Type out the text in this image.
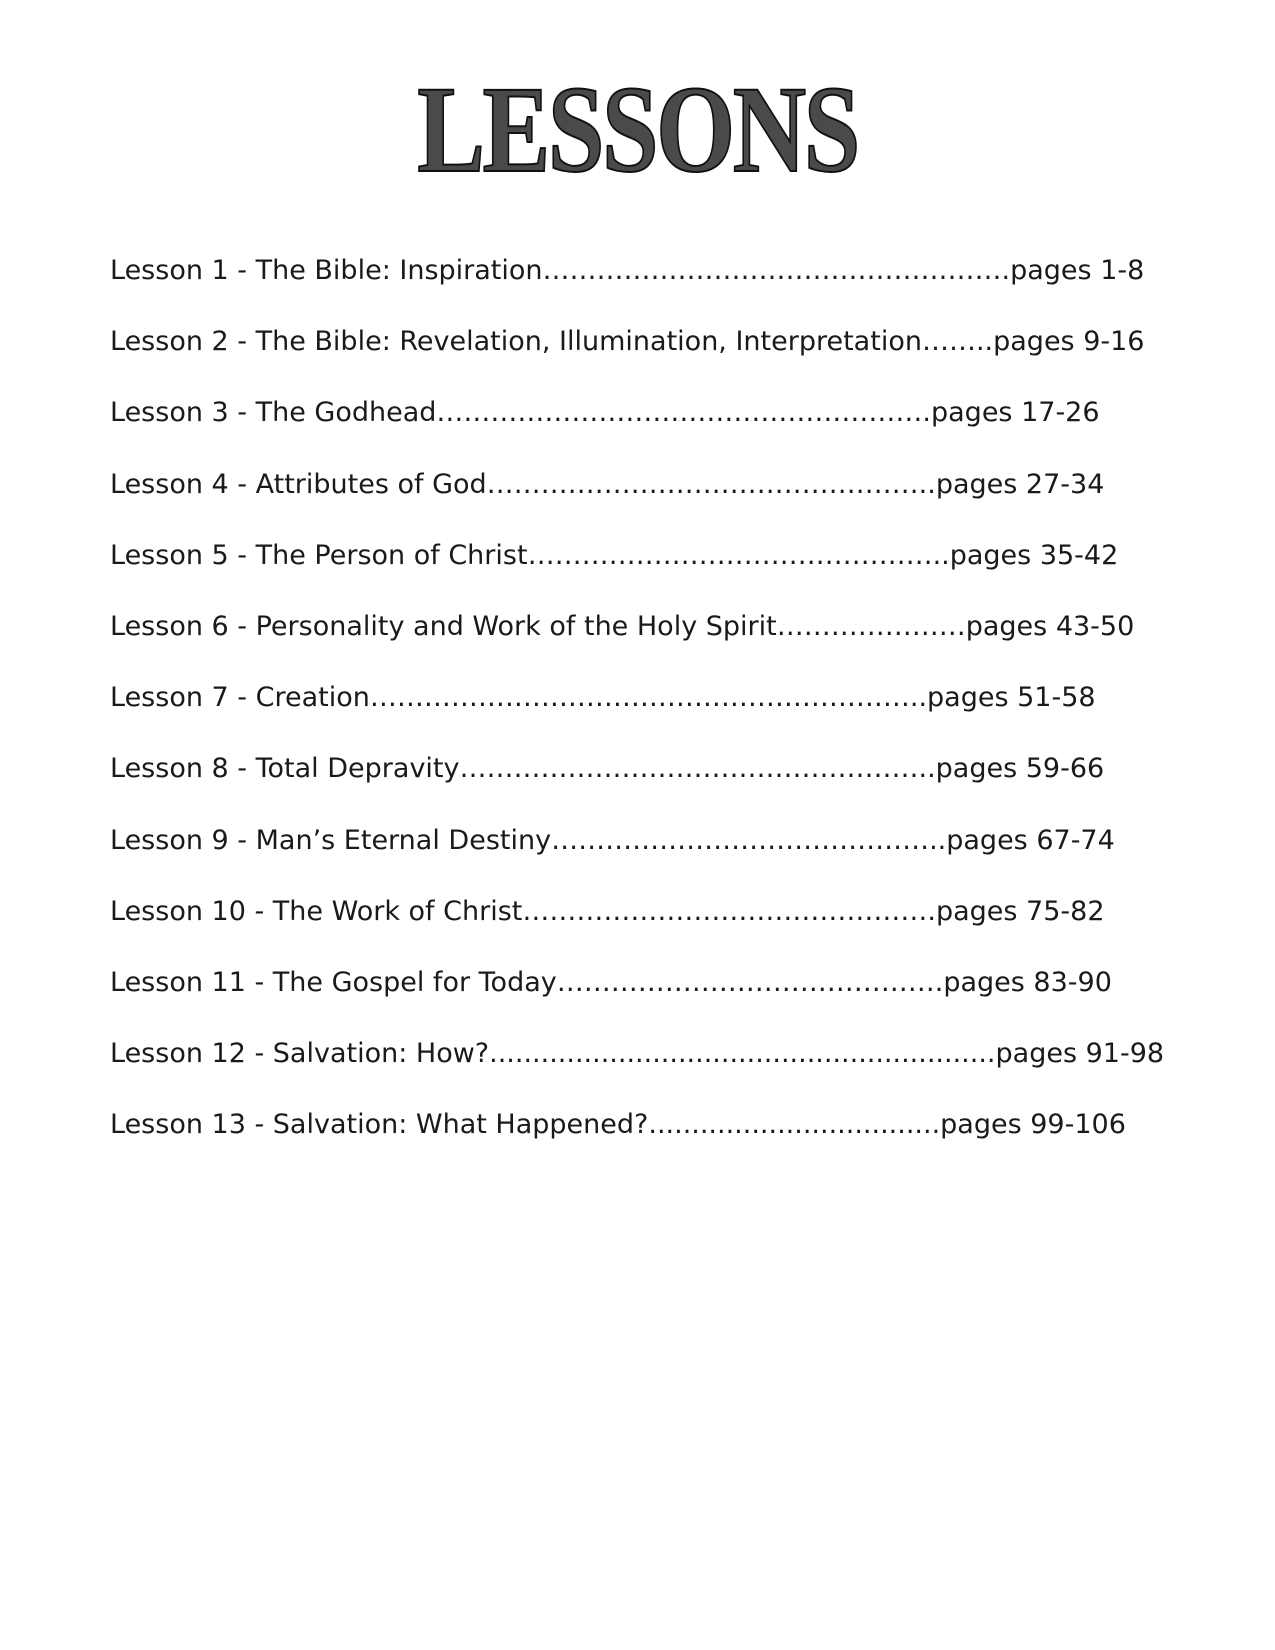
LESSONS
Lesson 1 - The Bible: Inspiration…………………………………………….pages 1-8
Lesson 2 - The Bible: Revelation, Illumination, Interpretation……..pages 9-16
Lesson 3 - The Godhead……………………………………………….pages 17-26
Lesson 4 - Attributes of God…………………………………………..pages 27-34
Lesson 5 - The Person of Christ………………………………………..pages 35-42
Lesson 6 - Personality and Work of the Holy Spirit…………………pages 43-50
Lesson 7 - Creation……………………………………………………..pages 51-58
Lesson 8 - Total Depravity……………………………………………..pages 59-66
Lesson 9 - Man’s Eternal Destiny……………………………………..pages 67-74
Lesson 10 - The Work of Christ……………………………………….pages 75-82
Lesson 11 - The Gospel for Today…………………………………….pages 83-90
Lesson 12 - Salvation: How?...........................................................pages 91-98
Lesson 13 - Salvation: What Happened?..................................pages 99-106
